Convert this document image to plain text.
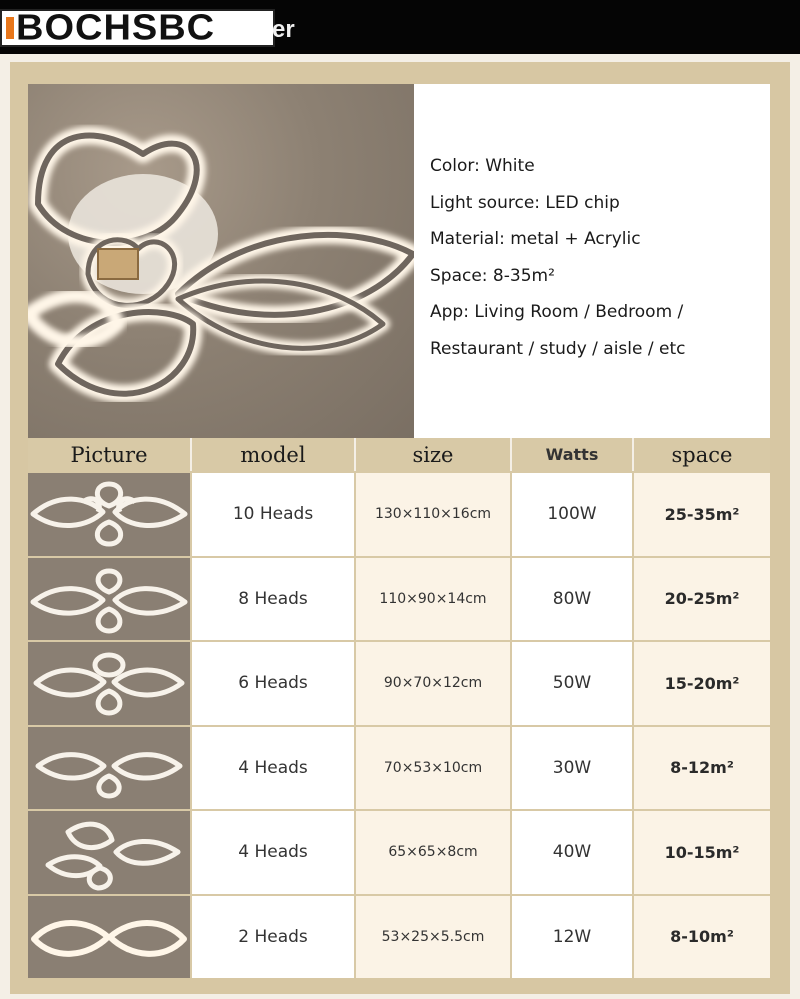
BOCHSBC er
Color: White
Light source: LED chip
Material: metal + Acrylic
Space: 8-35m²
App: Living Room / Bedroom /
Restaurant / study / aisle / etc
Picture	model	size	Watts	space
10 Heads	130×110×16cm	100W	25-35m²
8 Heads	110×90×14cm	80W	20-25m²
6 Heads	90×70×12cm	50W	15-20m²
4 Heads	70×53×10cm	30W	8-12m²
4 Heads	65×65×8cm	40W	10-15m²
2 Heads	53×25×5.5cm	12W	8-10m²
